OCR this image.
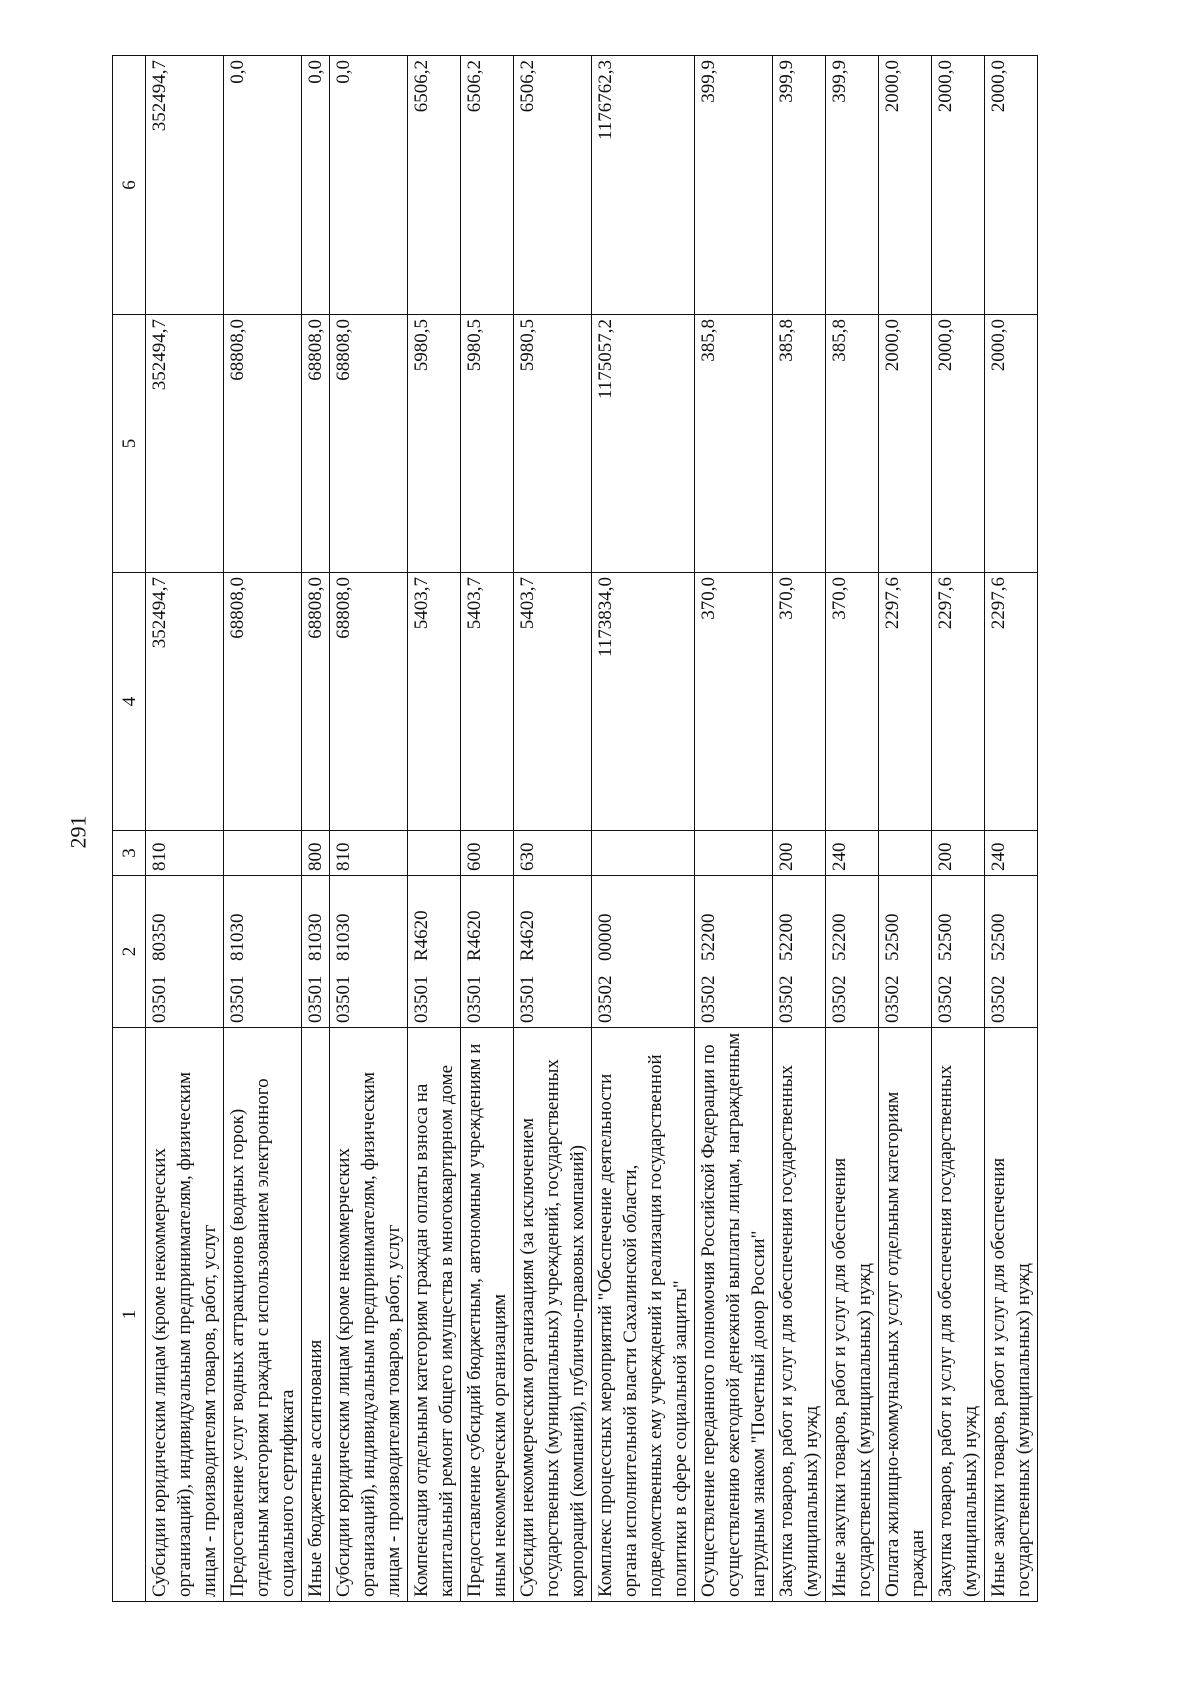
291
1	2	3	4	5	6
Субсидии юридическим лицам (кроме некоммерческих организаций), индивидуальным предпринимателям, физическим лицам - производителям товаров, работ, услуг	0350180350	810	352494,7	352494,7	352494,7
Предоставление услуг водных аттракционов (водных горок) отдельным категориям граждан с использованием электронного социального сертификата	0350181030		68808,0	68808,0	0,0
Иные бюджетные ассигнования	0350181030	800	68808,0	68808,0	0,0
Субсидии юридическим лицам (кроме некоммерческих организаций), индивидуальным предпринимателям, физическим лицам - производителям товаров, работ, услуг	0350181030	810	68808,0	68808,0	0,0
Компенсация отдельным категориям граждан оплаты взноса на капитальный ремонт общего имущества в многоквартирном доме	03501R4620		5403,7	5980,5	6506,2
Предоставление субсидий бюджетным, автономным учреждениям и иным некоммерческим организациям	03501R4620	600	5403,7	5980,5	6506,2
Субсидии некоммерческим организациям (за исключением государственных (муниципальных) учреждений, государственных корпораций (компаний), публично-правовых компаний)	03501R4620	630	5403,7	5980,5	6506,2
Комплекс процессных мероприятий "Обеспечение деятельности органа исполнительной власти Сахалинской области, подведомственных ему учреждений и реализация государственной политики в сфере социальной защиты"	0350200000		1173834,0	1175057,2	1176762,3
Осуществление переданного полномочия Российской Федерации по осуществлению ежегодной денежной выплаты лицам, награжденным нагрудным знаком "Почетный донор России"	0350252200		370,0	385,8	399,9
Закупка товаров, работ и услуг для обеспечения государственных (муниципальных) нужд	0350252200	200	370,0	385,8	399,9
Иные закупки товаров, работ и услуг для обеспечения государственных (муниципальных) нужд	0350252200	240	370,0	385,8	399,9
Оплата жилищно-коммунальных услуг отдельным категориям граждан	0350252500		2297,6	2000,0	2000,0
Закупка товаров, работ и услуг для обеспечения государственных (муниципальных) нужд	0350252500	200	2297,6	2000,0	2000,0
Иные закупки товаров, работ и услуг для обеспечения государственных (муниципальных) нужд	0350252500	240	2297,6	2000,0	2000,0
